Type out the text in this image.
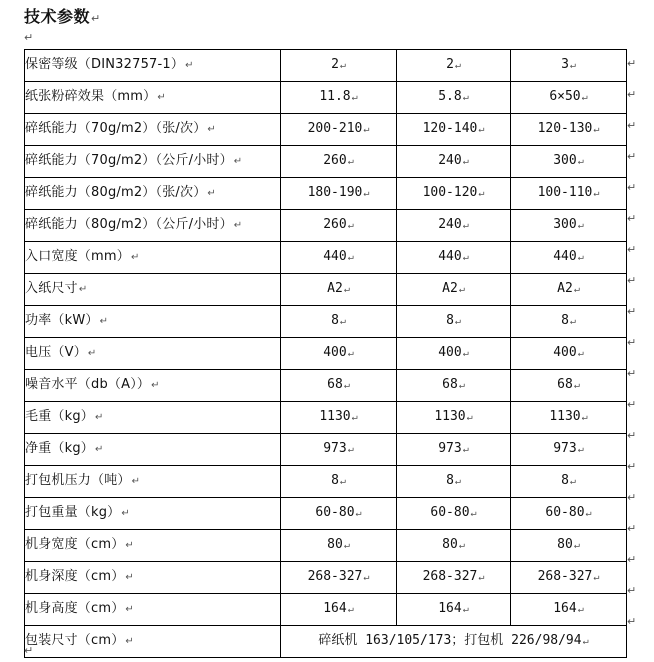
技术参数↵
↵
保密等级（DIN32757-1）↵	2↵	2↵	3↵
纸张粉碎效果（mm）↵	11.8↵	5.8↵	6×50↵
碎纸能力（70g/m2）（张/次）↵	200-210↵	120-140↵	120-130↵
碎纸能力（70g/m2）（公斤/小时）↵	260↵	240↵	300↵
碎纸能力（80g/m2）（张/次）↵	180-190↵	100-120↵	100-110↵
碎纸能力（80g/m2）（公斤/小时）↵	260↵	240↵	300↵
入口宽度（mm）↵	440↵	440↵	440↵
入纸尺寸↵	A2↵	A2↵	A2↵
功率（kW）↵	8↵	8↵	8↵
电压（V）↵	400↵	400↵	400↵
噪音水平（db（A））↵	68↵	68↵	68↵
毛重（kg）↵	1130↵	1130↵	1130↵
净重（kg）↵	973↵	973↵	973↵
打包机压力（吨）↵	8↵	8↵	8↵
打包重量（kg）↵	60-80↵	60-80↵	60-80↵
机身宽度（cm）↵	80↵	80↵	80↵
机身深度（cm）↵	268-327↵	268-327↵	268-327↵
机身高度（cm）↵	164↵	164↵	164↵
包装尺寸（cm）↵	碎纸机 163/105/173；打包机 226/98/94↵		
↵
↵
↵
↵
↵
↵
↵
↵
↵
↵
↵
↵
↵
↵
↵
↵
↵
↵
↵
↵
